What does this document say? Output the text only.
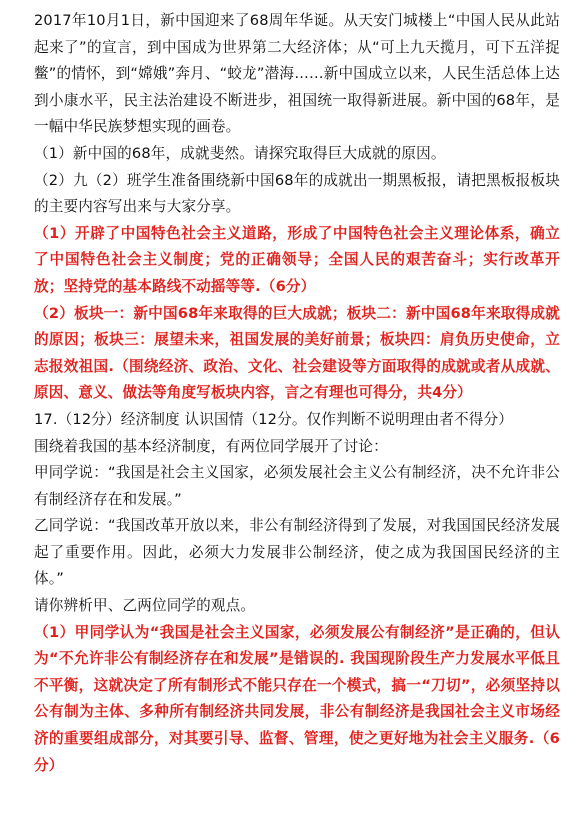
2017年10月1日，新中国迎来了68周年华诞。从天安门城楼上“中国人民从此站起来了”的宣言，到中国成为世界第二大经济体；从“可上九天揽月，可下五洋捉鳖”的情怀，到“嫦娥”奔月、“蛟龙”潜海……新中国成立以来，人民生活总体上达到小康水平，民主法治建设不断进步，祖国统一取得新进展。新中国的68年，是一幅中华民族梦想实现的画卷。

（1）新中国的68年，成就斐然。请探究取得巨大成就的原因。

（2）九（2）班学生准备围绕新中国68年的成就出一期黑板报，请把黑板报板块的主要内容写出来与大家分享。

（1）开辟了中国特色社会主义道路，形成了中国特色社会主义理论体系，确立了中国特色社会主义制度；党的正确领导；全国人民的艰苦奋斗；实行改革开放；坚持党的基本路线不动摇等等.（6分）

（2）板块一：新中国68年来取得的巨大成就；板块二：新中国68年来取得成就的原因；板块三：展望未来，祖国发展的美好前景；板块四：肩负历史使命，立志报效祖国.（围绕经济、政治、文化、社会建设等方面取得的成就或者从成就、原因、意义、做法等角度写板块内容，言之有理也可得分，共4分）

17.（12分）经济制度 认识国情（12分。仅作判断不说明理由者不得分）

围绕着我国的基本经济制度，有两位同学展开了讨论：

甲同学说：“我国是社会主义国家，必须发展社会主义公有制经济，决不允许非公有制经济存在和发展。”

乙同学说：“我国改革开放以来，非公有制经济得到了发展，对我国国民经济发展起了重要作用。因此，必须大力发展非公制经济，使之成为我国国民经济的主体。”

请你辨析甲、乙两位同学的观点。

（1）甲同学认为“我国是社会主义国家，必须发展公有制经济”是正确的，但认为“不允许非公有制经济存在和发展”是错误的. 我国现阶段生产力发展水平低且不平衡，这就决定了所有制形式不能只存在一个模式，搞一“刀切”，必须坚持以公有制为主体、多种所有制经济共同发展，非公有制经济是我国社会主义市场经济的重要组成部分，对其要引导、监督、管理，使之更好地为社会主义服务.（6分）
